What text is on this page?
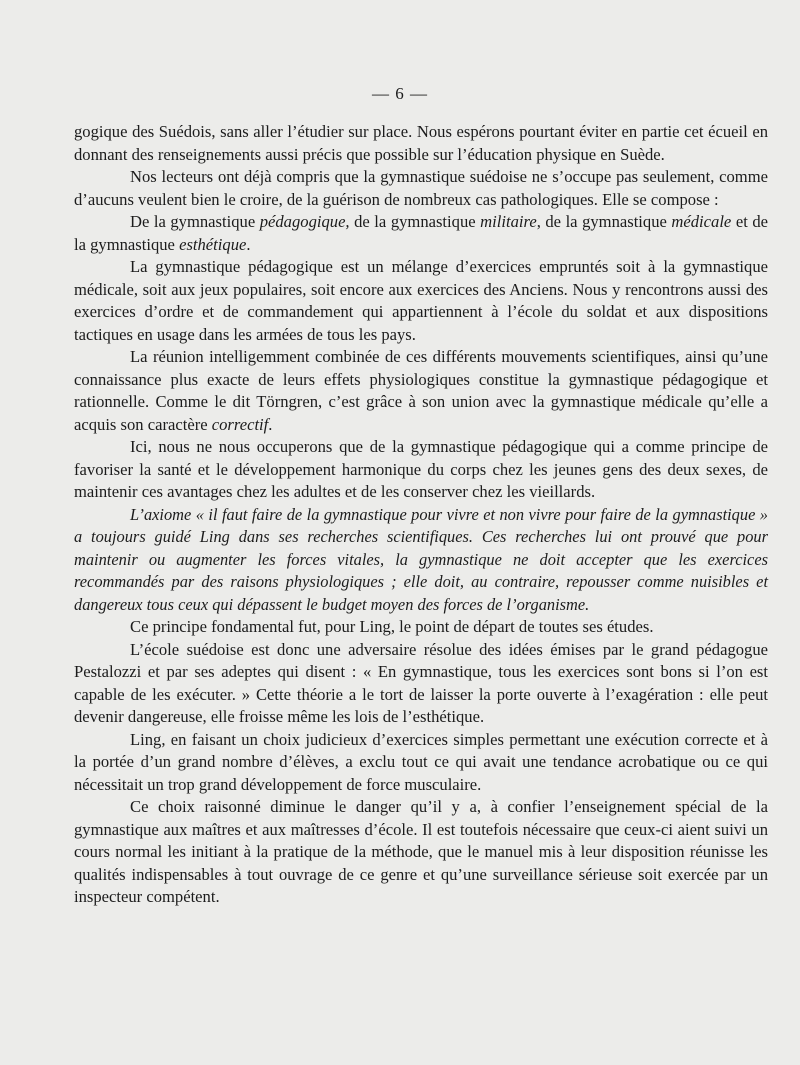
— 6 —

gogique des Suédois, sans aller l’étudier sur place. Nous espérons pourtant éviter en partie cet écueil en donnant des renseignements aussi précis que possible sur l’éducation physique en Suède.

Nos lecteurs ont déjà compris que la gymnastique suédoise ne s’occupe pas seulement, comme d’aucuns veulent bien le croire, de la guérison de nombreux cas pathologiques. Elle se compose :

De la gymnastique pédagogique, de la gymnastique militaire, de la gymnastique médicale et de la gymnastique esthétique.

La gymnastique pédagogique est un mélange d’exercices empruntés soit à la gymnastique médicale, soit aux jeux populaires, soit encore aux exercices des Anciens. Nous y rencontrons aussi des exercices d’ordre et de commandement qui appartiennent à l’école du soldat et aux dispositions tactiques en usage dans les armées de tous les pays.

La réunion intelligemment combinée de ces différents mouvements scientifiques, ainsi qu’une connaissance plus exacte de leurs effets physiologiques constitue la gymnastique pédagogique et rationnelle. Comme le dit Törngren, c’est grâce à son union avec la gymnastique médicale qu’elle a acquis son caractère correctif.

Ici, nous ne nous occuperons que de la gymnastique pédagogique qui a comme principe de favoriser la santé et le développement harmonique du corps chez les jeunes gens des deux sexes, de maintenir ces avantages chez les adultes et de les conserver chez les vieillards.

L’axiome « il faut faire de la gymnastique pour vivre et non vivre pour faire de la gymnastique » a toujours guidé Ling dans ses recherches scientifiques. Ces recherches lui ont prouvé que pour maintenir ou augmenter les forces vitales, la gymnastique ne doit accepter que les exercices recommandés par des raisons physiologiques ; elle doit, au contraire, repousser comme nuisibles et dangereux tous ceux qui dépassent le budget moyen des forces de l’organisme.

Ce principe fondamental fut, pour Ling, le point de départ de toutes ses études.

L’école suédoise est donc une adversaire résolue des idées émises par le grand pédagogue Pestalozzi et par ses adeptes qui disent : « En gymnastique, tous les exercices sont bons si l’on est capable de les exécuter. » Cette théorie a le tort de laisser la porte ouverte à l’exagération : elle peut devenir dangereuse, elle froisse même les lois de l’esthétique.

Ling, en faisant un choix judicieux d’exercices simples permettant une exécution correcte et à la portée d’un grand nombre d’élèves, a exclu tout ce qui avait une tendance acrobatique ou ce qui nécessitait un trop grand développement de force musculaire.

Ce choix raisonné diminue le danger qu’il y a, à confier l’enseignement spécial de la gymnastique aux maîtres et aux maîtresses d’école. Il est toutefois nécessaire que ceux-ci aient suivi un cours normal les initiant à la pratique de la méthode, que le manuel mis à leur disposition réunisse les qualités indispensables à tout ouvrage de ce genre et qu’une surveillance sérieuse soit exercée par un inspecteur compétent.
